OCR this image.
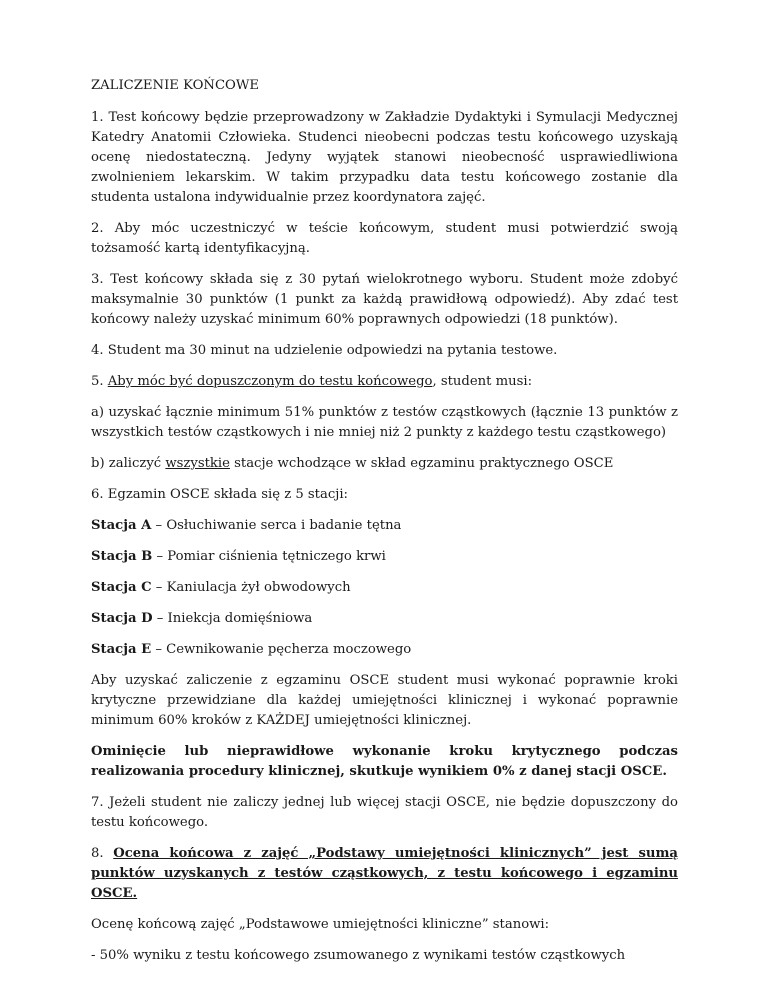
ZALICZENIE KOŃCOWE

1. Test końcowy będzie przeprowadzony w Zakładzie Dydaktyki i Symulacji Medycznej Katedry Anatomii Człowieka. Studenci nieobecni podczas testu końcowego uzyskają ocenę niedostateczną. Jedyny wyjątek stanowi nieobecność usprawiedliwiona zwolnieniem lekarskim. W takim przypadku data testu końcowego zostanie dla studenta ustalona indywidualnie przez koordynatora zajęć.

2. Aby móc uczestniczyć w teście końcowym, student musi potwierdzić swoją tożsamość kartą identyfikacyjną.

3. Test końcowy składa się z 30 pytań wielokrotnego wyboru. Student może zdobyć maksymalnie 30 punktów (1 punkt za każdą prawidłową odpowiedź). Aby zdać test końcowy należy uzyskać minimum 60% poprawnych odpowiedzi (18 punktów).

4. Student ma 30 minut na udzielenie odpowiedzi na pytania testowe.

5. Aby móc być dopuszczonym do testu końcowego, student musi:

a) uzyskać łącznie minimum 51% punktów z testów cząstkowych (łącznie 13 punktów z wszystkich testów cząstkowych i nie mniej niż 2 punkty z każdego testu cząstkowego)

b) zaliczyć wszystkie stacje wchodzące w skład egzaminu praktycznego OSCE

6. Egzamin OSCE składa się z 5 stacji:

Stacja A – Osłuchiwanie serca i badanie tętna

Stacja B – Pomiar ciśnienia tętniczego krwi

Stacja C – Kaniulacja żył obwodowych

Stacja D – Iniekcja domięśniowa

Stacja E – Cewnikowanie pęcherza moczowego

Aby uzyskać zaliczenie z egzaminu OSCE student musi wykonać poprawnie kroki krytyczne przewidziane dla każdej umiejętności klinicznej i wykonać poprawnie minimum 60% kroków z KAŻDEJ umiejętności klinicznej.

Ominięcie lub nieprawidłowe wykonanie kroku krytycznego podczas realizowania procedury klinicznej, skutkuje wynikiem 0% z danej stacji OSCE.

7. Jeżeli student nie zaliczy jednej lub więcej stacji OSCE, nie będzie dopuszczony do testu końcowego.

8. Ocena końcowa z zajęć „Podstawy umiejętności klinicznych” jest sumą punktów uzyskanych z testów cząstkowych, z testu końcowego i egzaminu OSCE.

Ocenę końcową zajęć „Podstawowe umiejętności kliniczne” stanowi:

- 50% wyniku z testu końcowego zsumowanego z wynikami testów cząstkowych
